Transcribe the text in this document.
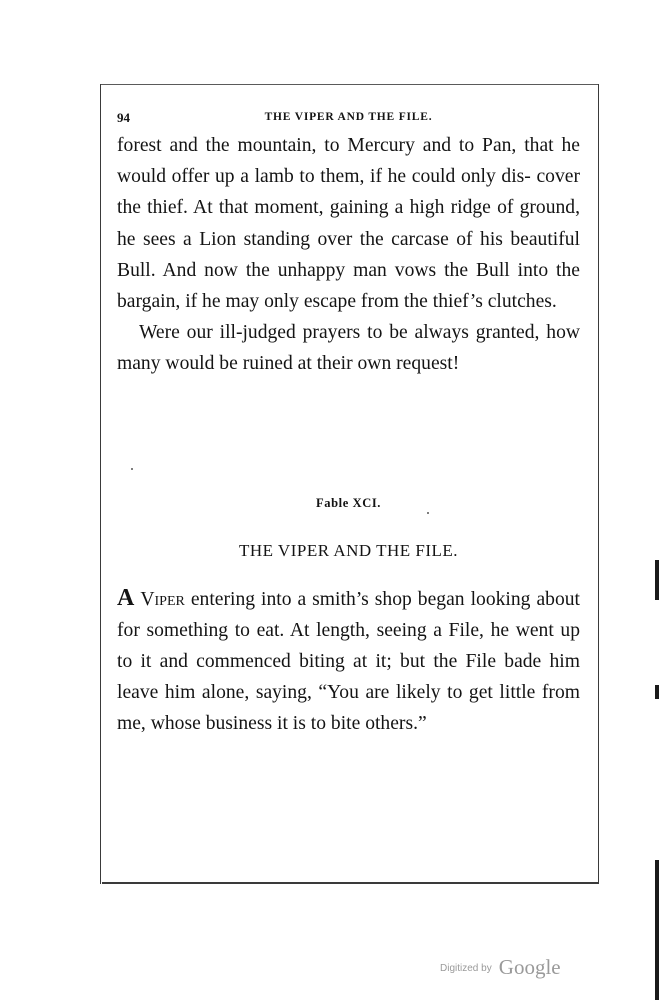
94	THE VIPER AND THE FILE.

forest and the mountain, to Mercury and to Pan, that he would offer up a lamb to them, if he could only dis- cover the thief. At that moment, gaining a high ridge of ground, he sees a Lion standing over the carcase of his beautiful Bull. And now the unhappy man vows the Bull into the bargain, if he may only escape from the thief’s clutches.

Were our ill-judged prayers to be always granted, how many would be ruined at their own request!

Fable XCI.
THE VIPER AND THE FILE.

A Viper entering into a smith’s shop began looking about for something to eat. At length, seeing a File, he went up to it and commenced biting at it; but the File bade him leave him alone, saying, “You are likely to get little from me, whose business it is to bite others.”

Digitized by Google
